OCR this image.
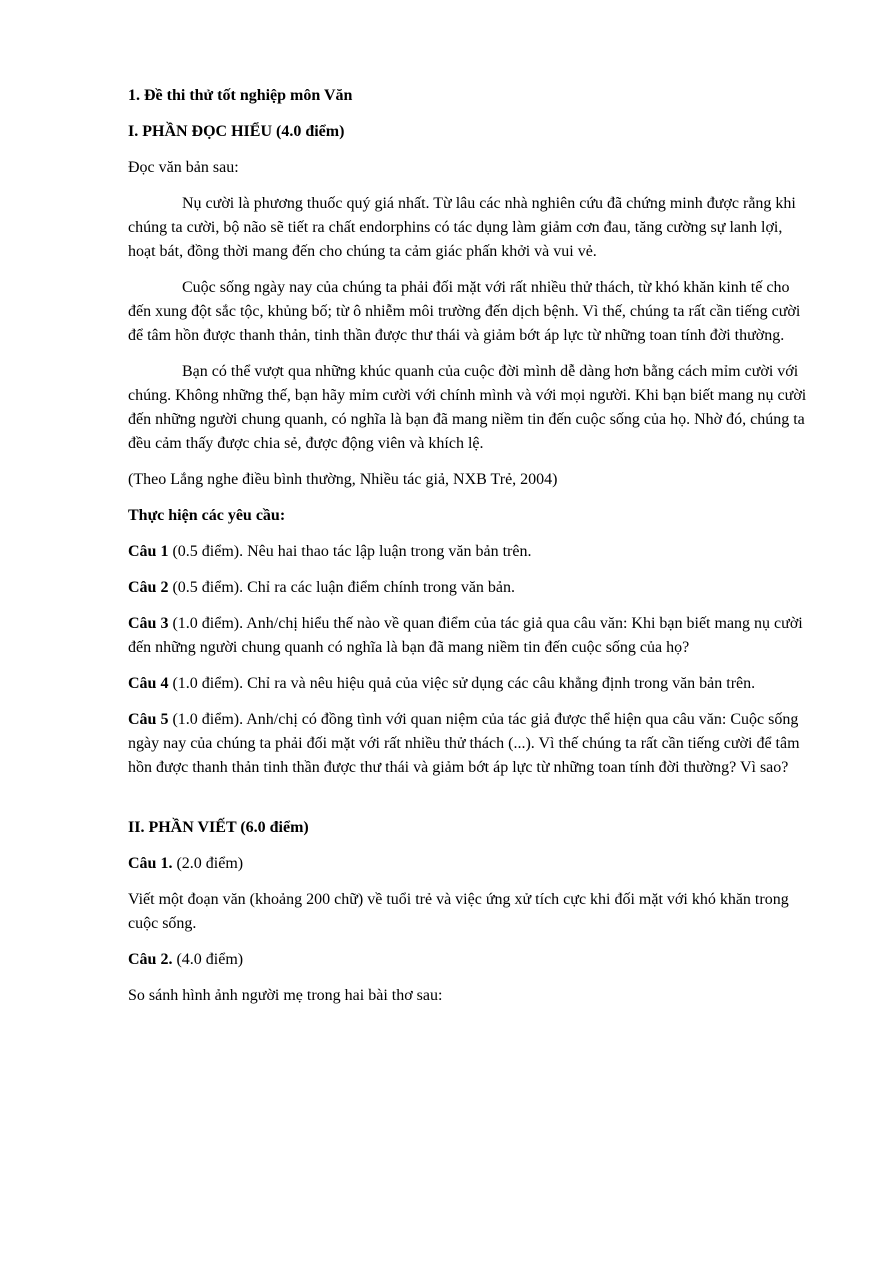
1. Đề thi thử tốt nghiệp môn Văn

I. PHẦN ĐỌC HIỂU (4.0 điểm)

Đọc văn bản sau:

Nụ cười là phương thuốc quý giá nhất. Từ lâu các nhà nghiên cứu đã chứng minh được rằng khi chúng ta cười, bộ não sẽ tiết ra chất endorphins có tác dụng làm giảm cơn đau, tăng cường sự lanh lợi, hoạt bát, đồng thời mang đến cho chúng ta cảm giác phấn khởi và vui vẻ.

Cuộc sống ngày nay của chúng ta phải đối mặt với rất nhiều thử thách, từ khó khăn kinh tế cho đến xung đột sắc tộc, khủng bố; từ ô nhiễm môi trường đến dịch bệnh. Vì thế, chúng ta rất cần tiếng cười để tâm hồn được thanh thản, tinh thần được thư thái và giảm bớt áp lực từ những toan tính đời thường.

Bạn có thể vượt qua những khúc quanh của cuộc đời mình dễ dàng hơn bằng cách mỉm cười với chúng. Không những thế, bạn hãy mỉm cười với chính mình và với mọi người. Khi bạn biết mang nụ cười đến những người chung quanh, có nghĩa là bạn đã mang niềm tin đến cuộc sống của họ. Nhờ đó, chúng ta đều cảm thấy được chia sẻ, được động viên và khích lệ.

(Theo Lắng nghe điều bình thường, Nhiều tác giả, NXB Trẻ, 2004)

Thực hiện các yêu cầu:

Câu 1 (0.5 điểm). Nêu hai thao tác lập luận trong văn bản trên.

Câu 2 (0.5 điểm). Chỉ ra các luận điểm chính trong văn bản.

Câu 3 (1.0 điểm). Anh/chị hiểu thế nào về quan điểm của tác giả qua câu văn: Khi bạn biết mang nụ cười đến những người chung quanh có nghĩa là bạn đã mang niềm tin đến cuộc sống của họ?

Câu 4 (1.0 điểm). Chỉ ra và nêu hiệu quả của việc sử dụng các câu khẳng định trong văn bản trên.

Câu 5 (1.0 điểm). Anh/chị có đồng tình với quan niệm của tác giả được thể hiện qua câu văn: Cuộc sống ngày nay của chúng ta phải đối mặt với rất nhiều thử thách (...). Vì thế chúng ta rất cần tiếng cười để tâm hồn được thanh thản tinh thần được thư thái và giảm bớt áp lực từ những toan tính đời thường? Vì sao?

II. PHẦN VIẾT (6.0 điểm)

Câu 1. (2.0 điểm)

Viết một đoạn văn (khoảng 200 chữ) về tuổi trẻ và việc ứng xử tích cực khi đối mặt với khó khăn trong cuộc sống.

Câu 2. (4.0 điểm)

So sánh hình ảnh người mẹ trong hai bài thơ sau:
